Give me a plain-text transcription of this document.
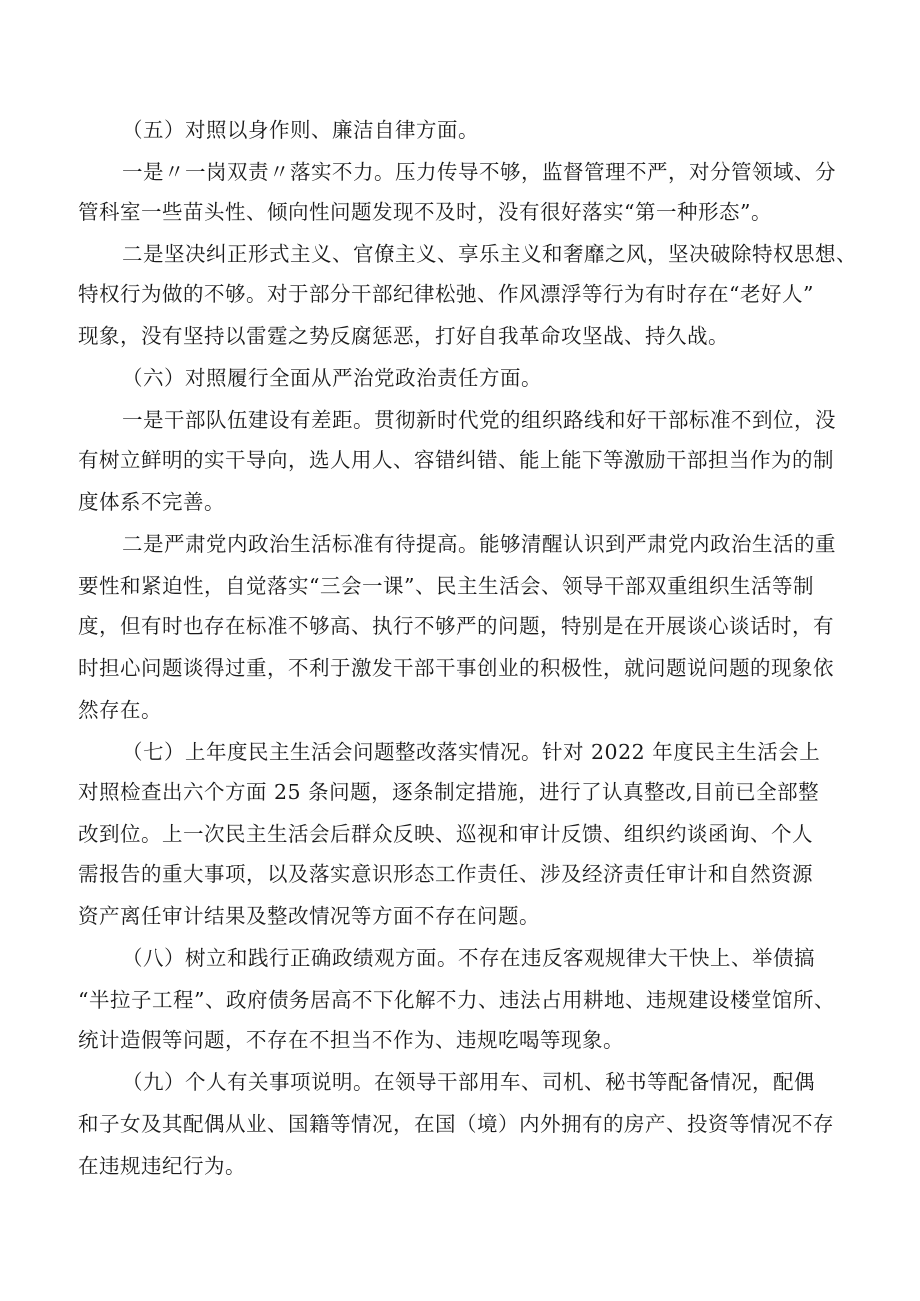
（五）对照以身作则、廉洁自律方面。
一是〃一岗双责〃落实不力。压力传导不够，监督管理不严，对分管领域、分
管科室一些苗头性、倾向性问题发现不及时，没有很好落实“第一种形态”。
二是坚决纠正形式主义、官僚主义、享乐主义和奢靡之风，坚决破除特权思想、
特权行为做的不够。对于部分干部纪律松弛、作风漂浮等行为有时存在“老好人”
现象，没有坚持以雷霆之势反腐惩恶，打好自我革命攻坚战、持久战。
（六）对照履行全面从严治党政治责任方面。
一是干部队伍建设有差距。贯彻新时代党的组织路线和好干部标准不到位，没
有树立鲜明的实干导向，选人用人、容错纠错、能上能下等激励干部担当作为的制
度体系不完善。
二是严肃党内政治生活标准有待提高。能够清醒认识到严肃党内政治生活的重
要性和紧迫性，自觉落实“三会一课”、民主生活会、领导干部双重组织生活等制
度，但有时也存在标准不够高、执行不够严的问题，特别是在开展谈心谈话时，有
时担心问题谈得过重，不利于激发干部干事创业的积极性，就问题说问题的现象依
然存在。
（七）上年度民主生活会问题整改落实情况。针对 2022 年度民主生活会上
对照检查出六个方面 25 条问题，逐条制定措施，进行了认真整改,目前已全部整
改到位。上一次民主生活会后群众反映、巡视和审计反馈、组织约谈函询、个人
需报告的重大事项，以及落实意识形态工作责任、涉及经济责任审计和自然资源
资产离任审计结果及整改情况等方面不存在问题。
（八）树立和践行正确政绩观方面。不存在违反客观规律大干快上、举债搞
“半拉子工程”、政府债务居高不下化解不力、违法占用耕地、违规建设楼堂馆所、
统计造假等问题，不存在不担当不作为、违规吃喝等现象。
（九）个人有关事项说明。在领导干部用车、司机、秘书等配备情况，配偶
和子女及其配偶从业、国籍等情况，在国（境）内外拥有的房产、投资等情况不存
在违规违纪行为。
